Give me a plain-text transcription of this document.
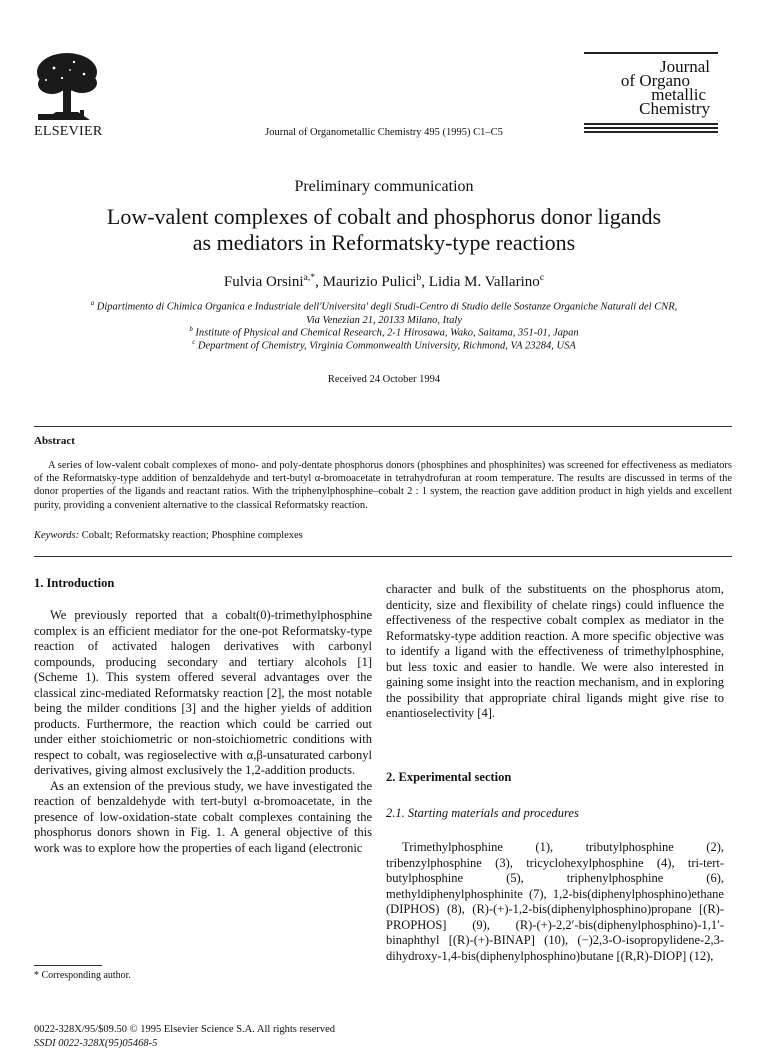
ELSEVIER	Journal of Organometallic Chemistry 495 (1995) C1–C5
Journal
of Organo
metallic
Chemistry
Preliminary communication
Low-valent complexes of cobalt and phosphorus donor ligands
as mediators in Reformatsky-type reactions
Fulvia Orsini$^{a,*}$, Maurizio Pulici$^b$, Lidia M. Vallarino$^c$
$^a$ Dipartimento di Chimica Organica e Industriale dell'Universita' degli Studi-Centro di Studio delle Sostanze Organiche Naturali del CNR,
Via Venezian 21, 20133 Milano, Italy
$^b$ Institute of Physical and Chemical Research, 2-1 Hirosawa, Wako, Saitama, 351-01, Japan
$^c$ Department of Chemistry, Virginia Commonwealth University, Richmond, VA 23284, USA
Received 24 October 1994
Abstract
A series of low-valent cobalt complexes of mono- and poly-dentate phosphorus donors (phosphines and phosphinites) was screened for effectiveness as mediators of the Reformatsky-type addition of benzaldehyde and tert-butyl α-bromoacetate in tetrahydrofuran at room temperature. The results are discussed in terms of the donor properties of the ligands and reactant ratios. With the triphenylphosphine–cobalt 2 : 1 system, the reaction gave addition product in high yields and excellent purity, providing a convenient alternative to the classical Reformatsky reaction.
Keywords: Cobalt; Reformatsky reaction; Phosphine complexes
1. Introduction

We previously reported that a cobalt(0)-trimethylphosphine complex is an efficient mediator for the one-pot Reformatsky-type reaction of activated halogen derivatives with carbonyl compounds, producing secondary and tertiary alcohols [1] (Scheme 1). This system offered several advantages over the classical zinc-mediated Reformatsky reaction [2], the most notable being the milder conditions [3] and the higher yields of addition products. Furthermore, the reaction which could be carried out under either stoichiometric or non-stoichiometric conditions with respect to cobalt, was regioselective with α,β-unsaturated carbonyl derivatives, giving almost exclusively the 1,2-addition products.

As an extension of the previous study, we have investigated the reaction of benzaldehyde with tert-butyl α-bromoacetate, in the presence of low-oxidation-state cobalt complexes containing the phosphorus donors shown in Fig. 1. A general objective of this work was to explore how the properties of each ligand (electronic

character and bulk of the substituents on the phosphorus atom, denticity, size and flexibility of chelate rings) could influence the effectiveness of the respective cobalt complex as mediator in the Reformatsky-type addition reaction. A more specific objective was to identify a ligand with the effectiveness of trimethylphosphine, but less toxic and easier to handle. We were also interested in gaining some insight into the reaction mechanism, and in exploring the possibility that appropriate chiral ligands might give rise to enantioselectivity [4].

2. Experimental section
2.1. Starting materials and procedures

Trimethylphosphine (1), tributylphosphine (2), tribenzylphosphine (3), tricyclohexylphosphine (4), tri-tert-butylphosphine (5), triphenylphosphine (6), methyldiphenylphosphinite (7), 1,2-bis(diphenylphosphino)ethane (DIPHOS) (8), (R)-(+)-1,2-bis(diphenylphosphino)propane [(R)-PROPHOS] (9), (R)-(+)-2,2′-bis(diphenylphosphino)-1,1′-binaphthyl [(R)-(+)-BINAP] (10), (−)2,3-O-isopropylidene-2,3-dihydroxy-1,4-bis(diphenylphosphino)butane [(R,R)-DIOP] (12),

* Corresponding author.
0022-328X/95/$09.50 © 1995 Elsevier Science S.A. All rights reserved
SSDI 0022-328X(95)05468-5
